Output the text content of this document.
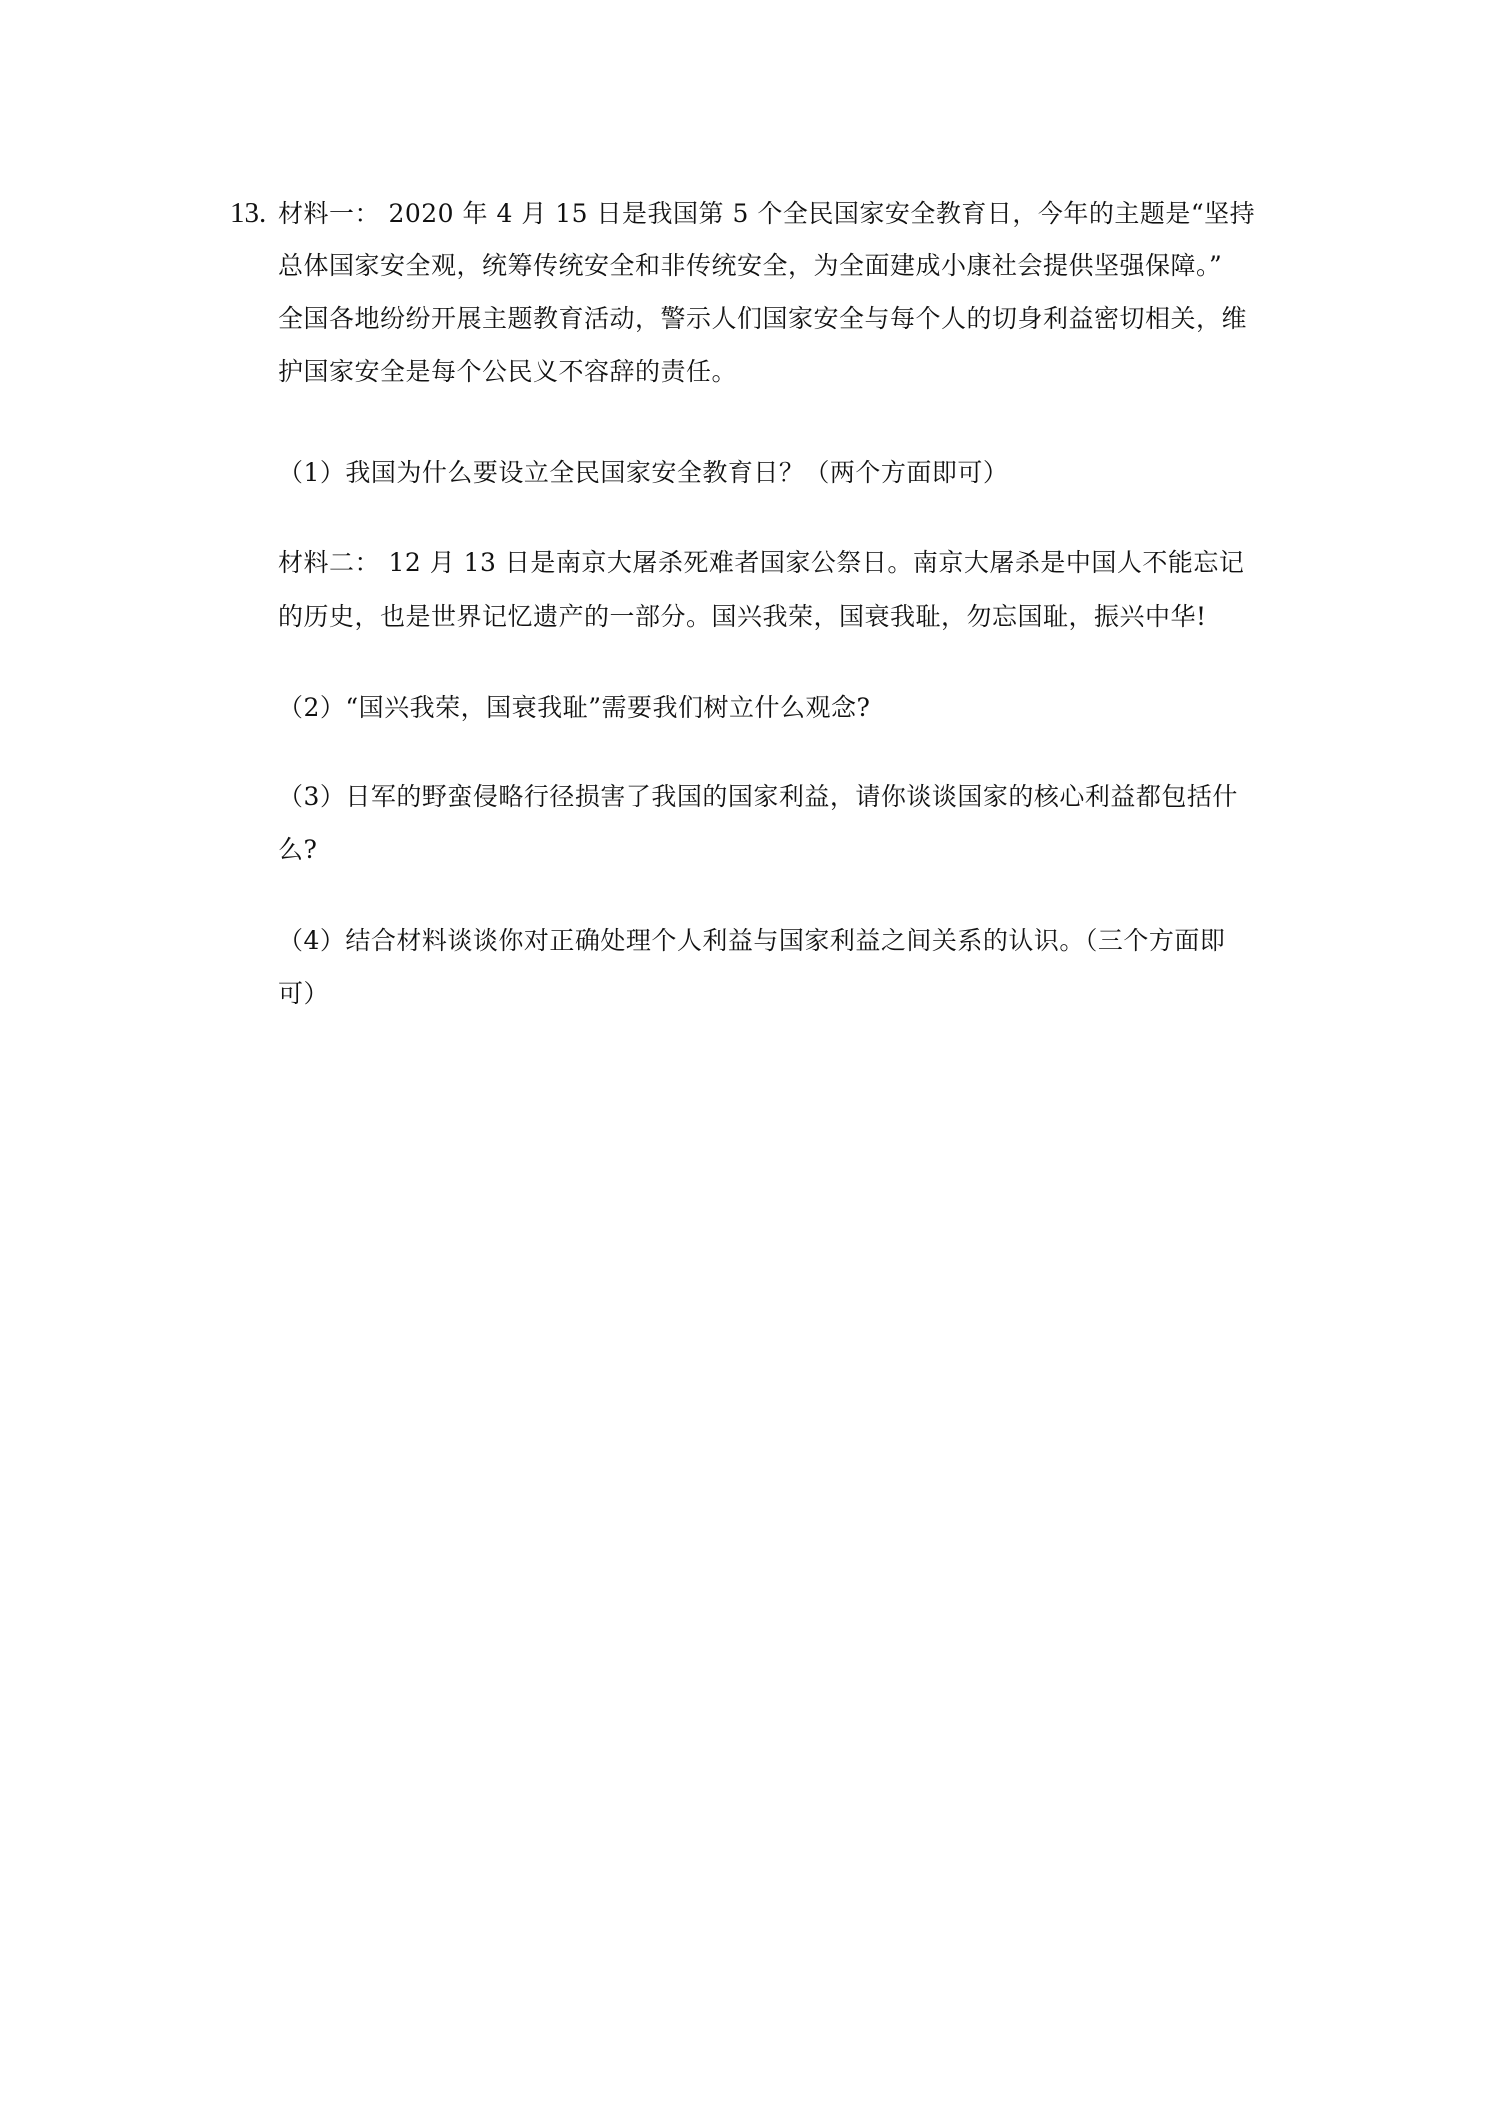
13. 材料一： 2020 年 4 月 15 日是我国第 5 个全民国家安全教育日，今年的主题是“坚持
总体国家安全观，统筹传统安全和非传统安全，为全面建成小康社会提供坚强保障。”
全国各地纷纷开展主题教育活动，警示人们国家安全与每个人的切身利益密切相关，维
护国家安全是每个公民义不容辞的责任。
（1）我国为什么要设立全民国家安全教育日？（两个方面即可）
材料二： 12 月 13 日是南京大屠杀死难者国家公祭日。南京大屠杀是中国人不能忘记
的历史，也是世界记忆遗产的一部分。国兴我荣，国衰我耻，勿忘国耻，振兴中华!
（2）“国兴我荣，国衰我耻”需要我们树立什么观念?
（3）日军的野蛮侵略行径损害了我国的国家利益，请你谈谈国家的核心利益都包括什
么?
（4）结合材料谈谈你对正确处理个人利益与国家利益之间关系的认识。（三个方面即
可）
